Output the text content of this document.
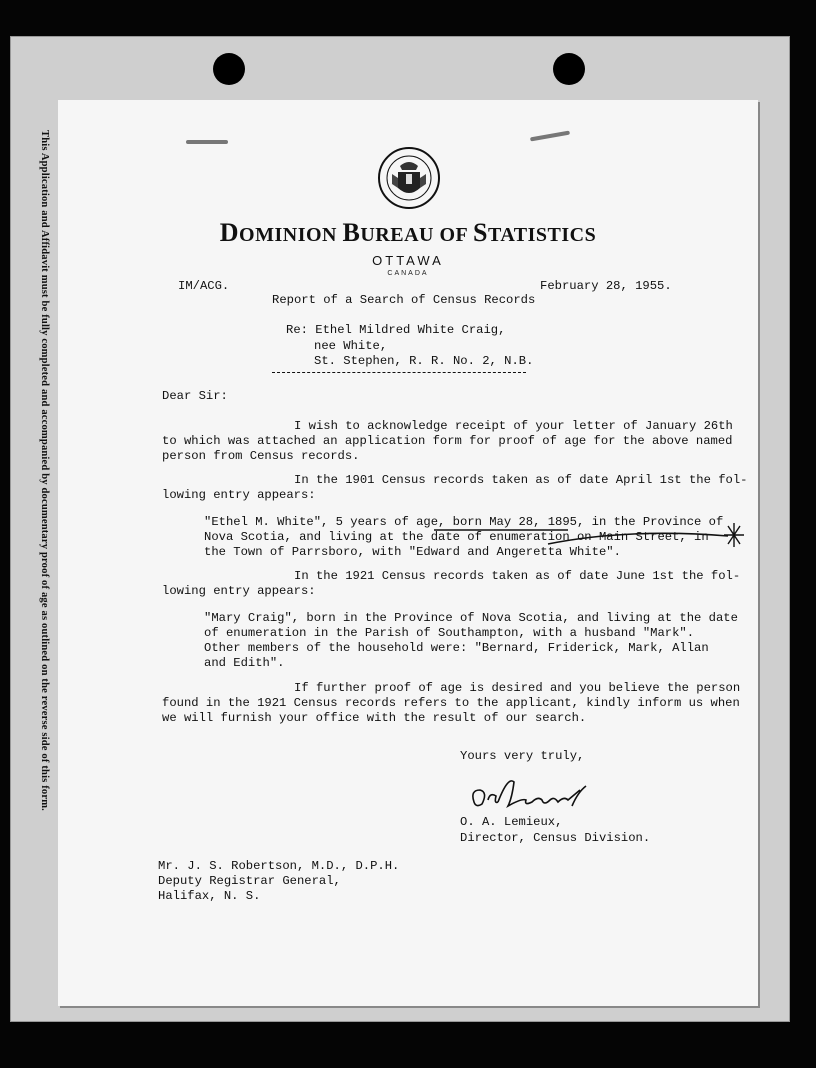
This Application and Affidavit must be fully completed and accompanied by documentary proof of age as outlined on the reverse side of this form.	DOMINION BUREAU OF STATISTICS
OTTAWA
CANADA
IM/ACG.	February 28, 1955.
Report of a Search of Census Records
Re: Ethel Mildred White Craig,
nee White,
St. Stephen, R. R. No. 2, N.B.
Dear Sir:
I wish to acknowledge receipt of your letter of January 26th
to which was attached an application form for proof of age for the above named
person from Census records.
In the 1901 Census records taken as of date April 1st the fol-
lowing entry appears:
"Ethel M. White", 5 years of age, born May 28, 1895, in the Province of
Nova Scotia, and living at the date of enumeration on Main Street, in
the Town of Parrsboro, with "Edward and Angeretta White".
In the 1921 Census records taken as of date June 1st the fol-
lowing entry appears:
"Mary Craig", born in the Province of Nova Scotia, and living at the date
of enumeration in the Parish of Southampton, with a husband "Mark".
Other members of the household were: "Bernard, Friderick, Mark, Allan
and Edith".
If further proof of age is desired and you believe the person
found in the 1921 Census records refers to the applicant, kindly inform us when
we will furnish your office with the result of our search.
Yours very truly,
O. A. Lemieux,
Director, Census Division.
Mr. J. S. Robertson, M.D., D.P.H.
Deputy Registrar General,
Halifax, N. S.
